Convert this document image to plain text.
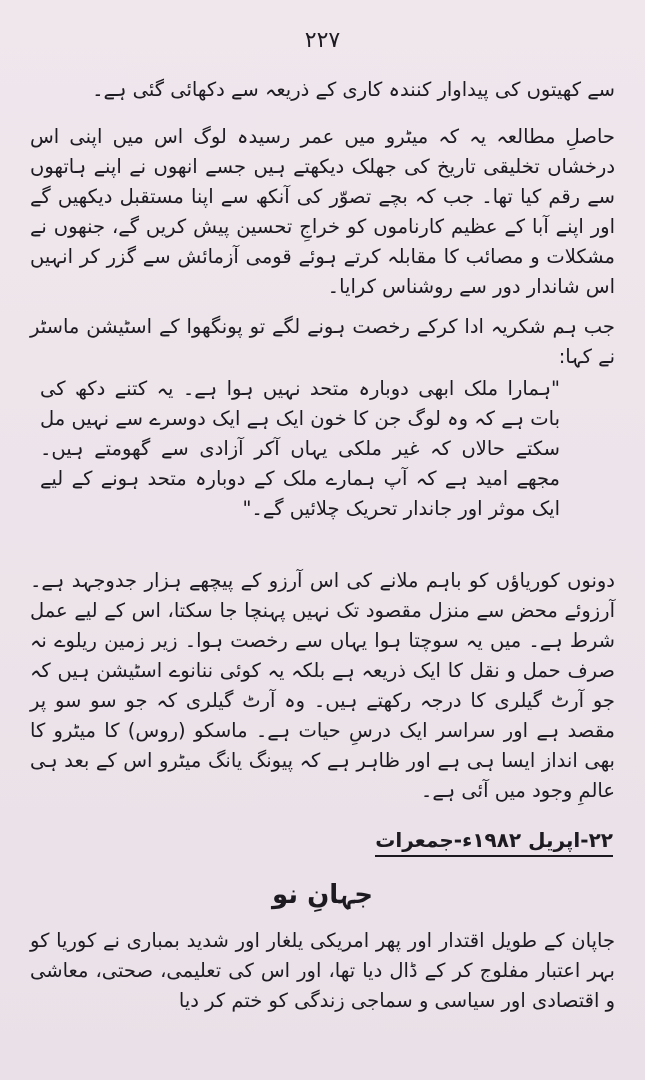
۲۲۷

سے کھیتوں کی پیداوار کنندہ کاری کے ذریعہ سے دکھائی گئی ہے۔

حاصلِ مطالعہ یہ کہ میٹرو میں عمر رسیدہ لوگ اس میں اپنی اس درخشاں تخلیقی تاریخ کی جھلک دیکھتے ہیں جسے انھوں نے اپنے ہاتھوں سے رقم کیا تھا۔ جب کہ بچے تصوّر کی آنکھ سے اپنا مستقبل دیکھیں گے اور اپنے آبا کے عظیم کارناموں کو خراجِ تحسین پیش کریں گے، جنھوں نے مشکلات و مصائب کا مقابلہ کرتے ہوئے قومی آزمائش سے گزر کر انہیں اس شاندار دور سے روشناس کرایا۔

جب ہم شکریہ ادا کرکے رخصت ہونے لگے تو پونگھوا کے اسٹیشن ماسٹر نے کہا:

"ہمارا ملک ابھی دوبارہ متحد نہیں ہوا ہے۔ یہ کتنے دکھ کی بات ہے کہ وہ لوگ جن کا خون ایک ہے ایک دوسرے سے نہیں مل سکتے حالاں کہ غیر ملکی یہاں آکر آزادی سے گھومتے ہیں۔ مجھے امید ہے کہ آپ ہمارے ملک کے دوبارہ متحد ہونے کے لیے ایک موثر اور جاندار تحریک چلائیں گے۔"

دونوں کوریاؤں کو باہم ملانے کی اس آرزو کے پیچھے ہزار جدوجہد ہے۔ آرزوئے محض سے منزل مقصود تک نہیں پہنچا جا سکتا، اس کے لیے عمل شرط ہے۔ میں یہ سوچتا ہوا یہاں سے رخصت ہوا۔ زیر زمین ریلوے نہ صرف حمل و نقل کا ایک ذریعہ ہے بلکہ یہ کوئی ننانوے اسٹیشن ہیں کہ جو آرٹ گیلری کا درجہ رکھتے ہیں۔ وہ آرٹ گیلری کہ جو سو سو پر مقصد ہے اور سراسر ایک درسِ حیات ہے۔ ماسکو (روس) کا میٹرو کا بھی انداز ایسا ہی ہے اور ظاہر ہے کہ پیونگ یانگ میٹرو اس کے بعد ہی عالمِ وجود میں آئی ہے۔

۲۲-اپریل ۱۹۸۲ء-جمعرات
جہانِ نو

جاپان کے طویل اقتدار اور پھر امریکی یلغار اور شدید بمباری نے کوریا کو بہر اعتبار مفلوج کر کے ڈال دیا تھا، اور اس کی تعلیمی، صحتی، معاشی و اقتصادی اور سیاسی و سماجی زندگی کو ختم کر دیا
